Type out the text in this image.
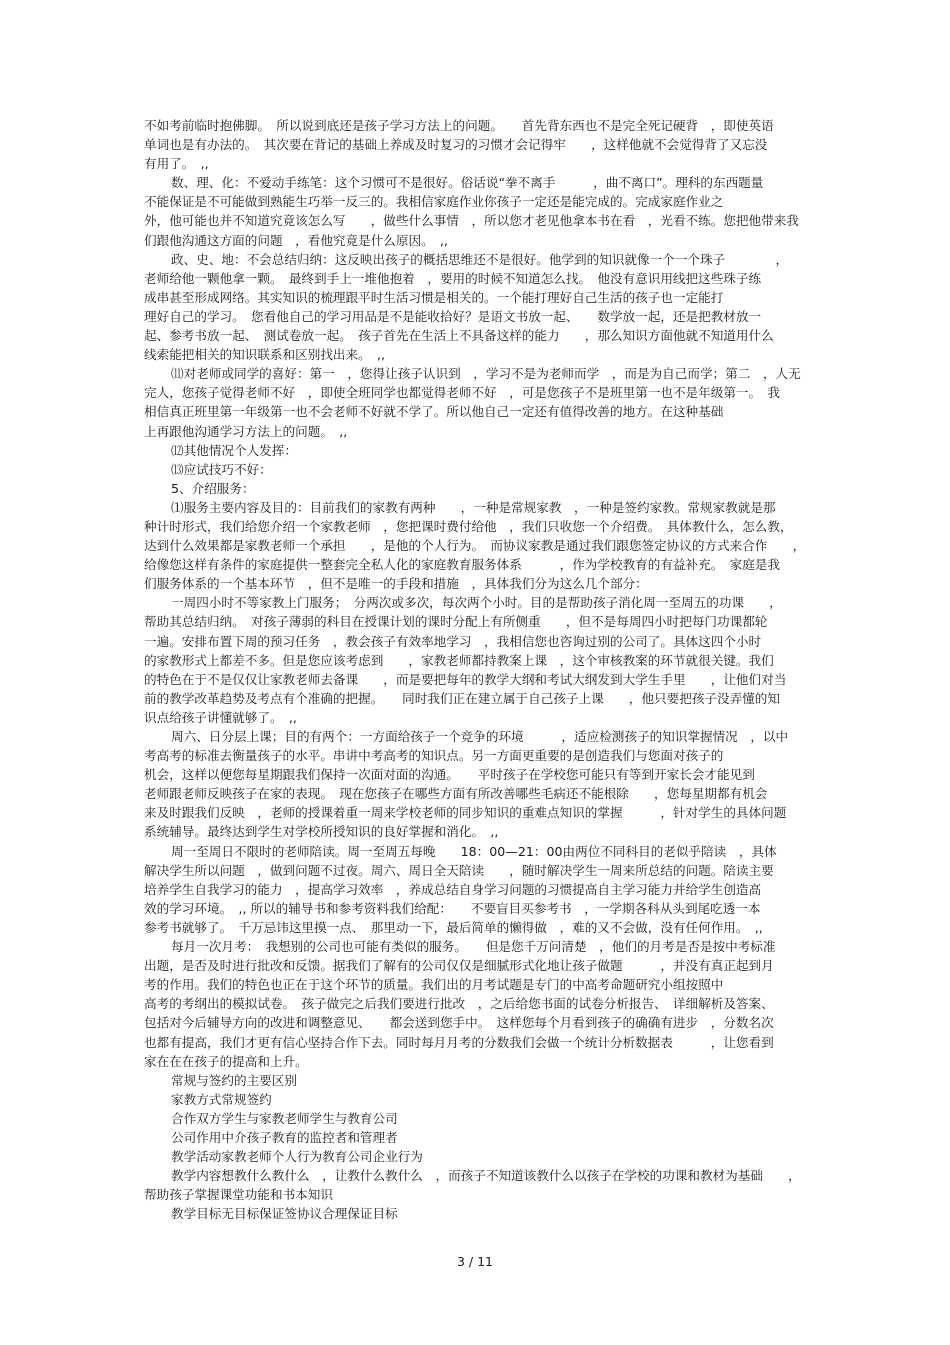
不如考前临时抱佛脚。　所以说到底还是孩子学习方法上的问题。　　首先背东西也不是完全死记硬背　，即使英语
单词也是有办法的。　其次要在背记的基础上养成及时复习的习惯才会记得牢　　，这样他就不会觉得背了又忘没
有用了。　,,
数、理、化：不爱动手练笔：这个习惯可不是很好。俗话说“拳不离手　　　，曲不离口”。理科的东西题量
不能保证是不可能做到熟能生巧举一反三的。我相信家庭作业你孩子一定还是能完成的。完成家庭作业之
外，他可能也并不知道究竟该怎么写　　，做些什么事情　，所以您才老见他拿本书在看　，光看不练。您把他带来我
们跟他沟通这方面的问题　，看他究竟是什么原因。　,,
政、史、地：不会总结归纳：这反映出孩子的概括思维还不是很好。他学到的知识就像一个一个珠子　　　　，
老师给他一颗他拿一颗。　最终到手上一堆他抱着　，要用的时候不知道怎么找。　他没有意识用线把这些珠子练
成串甚至形成网络。其实知识的梳理跟平时生活习惯是相关的。一个能打理好自己生活的孩子也一定能打
理好自己的学习。　您看他自己的学习用品是不是能收拾好？是语文书放一起、　　数学放一起，还是把教材放一
起、参考书放一起、　测试卷放一起。　孩子首先在生活上不具备这样的能力　　，那么知识方面他就不知道用什么
线索能把相关的知识联系和区别找出来。　,,
⑾对老师或同学的喜好：第一　，您得让孩子认识到　，学习不是为老师而学　，而是为自己而学；第二　，人无
完人，您孩子觉得老师不好　，即使全班同学也都觉得老师不好　，可是您孩子不是班里第一也不是年级第一。　我
相信真正班里第一年级第一也不会老师不好就不学了。所以他自己一定还有值得改善的地方。在这种基础
上再跟他沟通学习方法上的问题。　,,
⑿其他情况个人发挥：
⒀应试技巧不好：
5、介绍服务：
⑴服务主要内容及目的：目前我们的家教有两种　　，一种是常规家教　，一种是签约家教。常规家教就是那
种计时形式，我们给您介绍一个家教老师　，您把课时费付给他　，我们只收您一个介绍费。　具体教什么，怎么教，
达到什么效果都是家教老师一个承担　　，是他的个人行为。　而协议家教是通过我们跟您签定协议的方式来合作　　，
给像您这样有条件的家庭提供一整套完全私人化的家庭教育服务体系　　　，作为学校教育的有益补充。　家庭是我
们服务体系的一个基本环节　，但不是唯一的手段和措施　，具体我们分为这么几个部分：
一周四小时不等家教上门服务；　分两次或多次，每次两个小时。目的是帮助孩子消化周一至周五的功课　　，
帮助其总结归纳。　对孩子薄弱的科目在授课计划的课时分配上有所侧重　　，但不是每周四小时把每门功课都轮
一遍。安排布置下周的预习任务　，教会孩子有效率地学习　，我相信您也咨询过别的公司了。具体这四个小时
的家教形式上都差不多。但是您应该考虑到　　，家教老师都持教案上课　，这个审核教案的环节就很关键。我们
的特色在于不是仅仅让家教老师去备课　　，而是要把每年的教学大纲和考试大纲发到大学生手里　　，让他们对当
前的教学改革趋势及考点有个准确的把握。　　同时我们正在建立属于自己孩子上课　　，他只要把孩子没弄懂的知
识点给孩子讲懂就够了。　,,
周六、日分层上课；目的有两个：一方面给孩子一个竞争的环境　　　，适应检测孩子的知识掌握情况　，以中
考高考的标准去衡量孩子的水平。串讲中考高考的知识点。另一方面更重要的是创造我们与您面对孩子的
机会，这样以便您每星期跟我们保持一次面对面的沟通。　　平时孩子在学校您可能只有等到开家长会才能见到
老师跟老师反映孩子在家的表现。　现在您孩子在哪些方面有所改善哪些毛病还不能根除　　，您每星期都有机会
来及时跟我们反映　，老师的授课着重一周来学校老师的同步知识的重难点知识的掌握　　　，针对学生的具体问题
系统辅导。最终达到学生对学校所授知识的良好掌握和消化。　,,
周一至周日不限时的老师陪读。周一至周五每晚　　18：00—21：00由两位不同科目的老似乎陪读　，具体
解决学生所以问题　，做到问题不过夜。周六、周日全天陪读　　，随时解决学生一周来所总结的问题。陪读主要
培养学生自我学习的能力　，提高学习效率　，养成总结自身学习问题的习惯提高自主学习能力并给学生创造高
效的学习环境。　,, 所以的辅导书和参考资料我们给配：　　不要盲目买参考书　，一学期各科从头到尾吃透一本
参考书就够了。　千万忌讳这里摸一点、　那里动一下，最后简单的懒得做　，难的又不会做，没有任何作用。　,,
每月一次月考：　我想别的公司也可能有类似的服务。　　但是您千万问清楚　，他们的月考是否是按中考标准
出题，是否及时进行批改和反馈。据我们了解有的公司仅仅是细腻形式化地让孩子做题　　　，并没有真正起到月
考的作用。我们的特色也正在于这个环节的质量。我们出的月考试题是专门的中高考命题研究小组按照中
高考的考纲出的模拟试卷。　孩子做完之后我们要进行批改　，之后给您书面的试卷分析报告、　详细解析及答案、
包括对今后辅导方向的改进和调整意见、　　都会送到您手中。　这样您每个月看到孩子的确确有进步　，分数名次
也都有提高，我们才更有信心坚持合作下去。同时每月月考的分数我们会做一个统计分析数据表　　　，让您看到
家在在在孩子的提高和上升。
常规与签约的主要区别
家教方式常规签约
合作双方学生与家教老师学生与教育公司
公司作用中介孩子教育的监控者和管理者
教学活动家教老师个人行为教育公司企业行为
教学内容想教什么教什么　，让教什么教什么　，而孩子不知道该教什么以孩子在学校的功课和教材为基础　　，
帮助孩子掌握课堂功能和书本知识
教学目标无目标保证签协议合理保证目标
3 / 11
